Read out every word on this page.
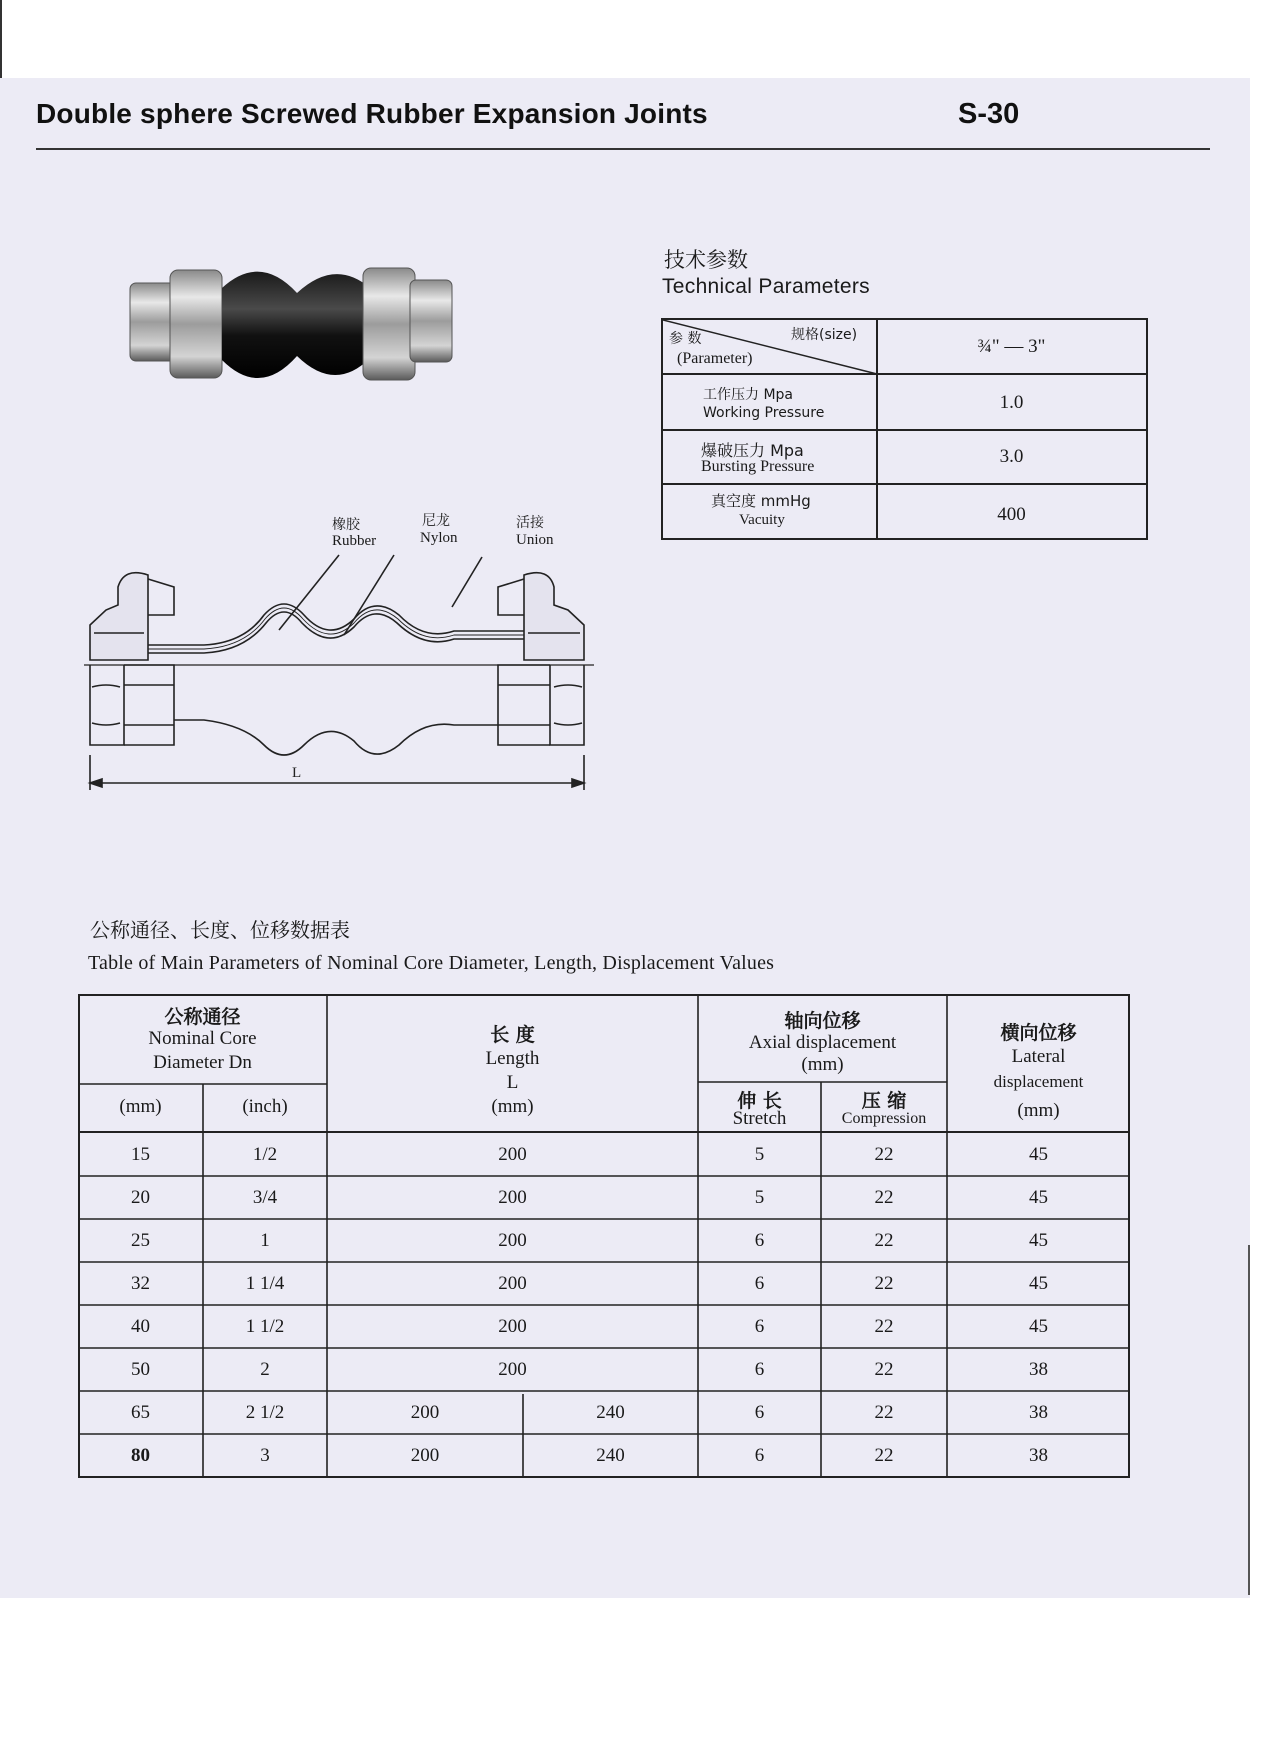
Double sphere Screwed Rubber Expansion Joints	S-30
技术参数
Technical Parameters
规格(size)
参 数
(Parameter)
¾" — 3"
工作压力 Mpa
Working Pressure	1.0
爆破压力 Mpa
Bursting Pressure	3.0
真空度 mmHg
Vacuity	400
橡胶
Rubber
尼龙
Nylon
活接
Union
L
公称通径、长度、位移数据表
Table of Main Parameters of Nominal Core Diameter, Length, Displacement Values
公称通径
Nominal Core
Diameter Dn
(mm)	(inch)
长 度
Length
L
(mm)
轴向位移
Axial displacement
(mm)
伸 长
Stretch
压 缩
Compression
横向位移
Lateral
displacement
(mm)
15	1/2	200	5	22	45
20	3/4	200	5	22	45
25	1	200	6	22	45
32	1 1/4	200	6	22	45
40	1 1/2	200	6	22	45
50	2	200	6	22	38
65	2 1/2	200	240	6	22	38
80	3	200	240	6	22	38
